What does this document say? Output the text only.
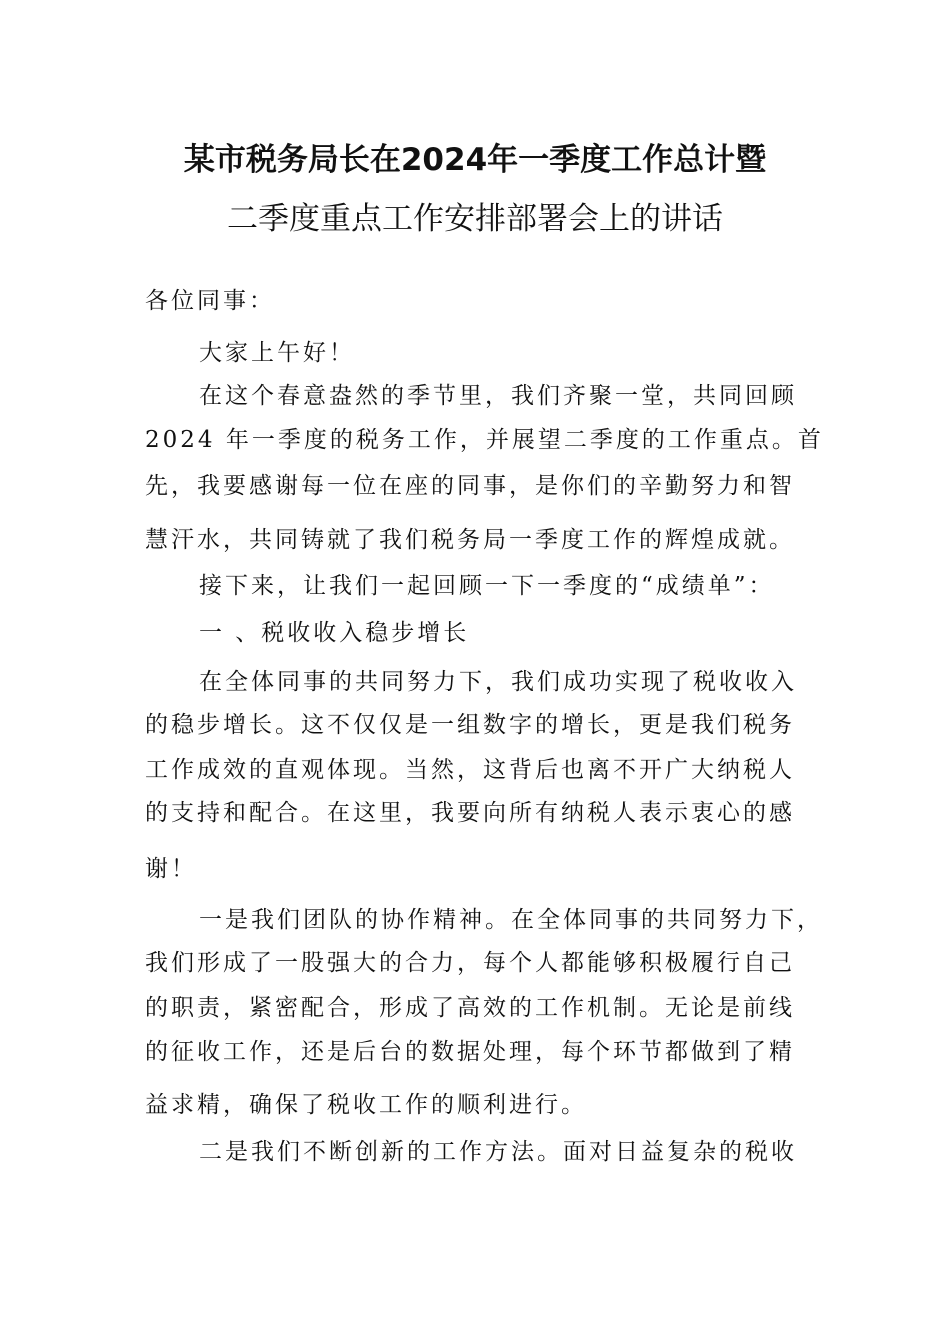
某市税务局长在2024年一季度工作总计暨
二季度重点工作安排部署会上的讲话
各位同事：
大家上午好！
在这个春意盎然的季节里，我们齐聚一堂，共同回顾
2024 年一季度的税务工作，并展望二季度的工作重点。首
先，我要感谢每一位在座的同事，是你们的辛勤努力和智
慧汗水，共同铸就了我们税务局一季度工作的辉煌成就。
接下来，让我们一起回顾一下一季度的“成绩单”：
一 、税收收入稳步增长
在全体同事的共同努力下，我们成功实现了税收收入
的稳步增长。这不仅仅是一组数字的增长，更是我们税务
工作成效的直观体现。当然，这背后也离不开广大纳税人
的支持和配合。在这里，我要向所有纳税人表示衷心的感
谢！
一是我们团队的协作精神。在全体同事的共同努力下，
我们形成了一股强大的合力，每个人都能够积极履行自己
的职责，紧密配合，形成了高效的工作机制。无论是前线
的征收工作，还是后台的数据处理，每个环节都做到了精
益求精，确保了税收工作的顺利进行。
二是我们不断创新的工作方法。面对日益复杂的税收
